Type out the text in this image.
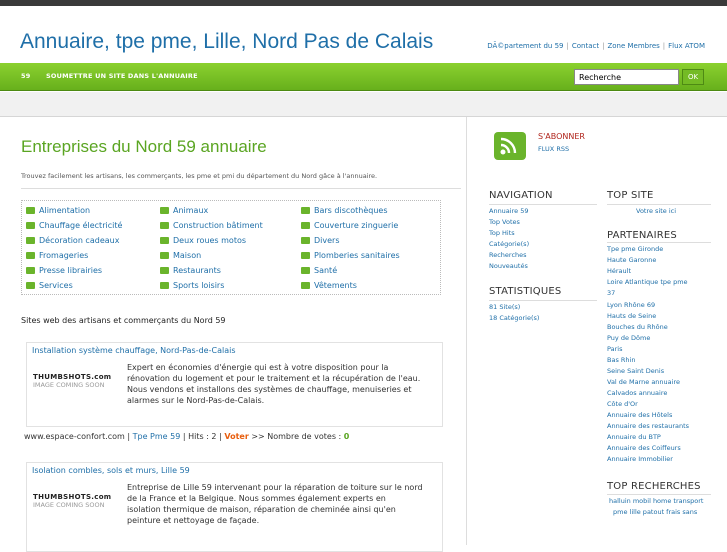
Annuaire, tpe pme, Lille, Nord Pas de Calais	DÃ©partement du 59 | Contact | Zone Membres | Flux ATOM
59 SOUMETTRE UN SITE DANS L'ANNUAIRE
Recherche	OK
Entreprises du Nord 59 annuaire
Trouvez facilement les artisans, les commerçants, les pme et pmi du département du Nord gâce à l'annuaire.
Alimentation	Animaux	Bars discothèques
Chauffage électricité	Construction bâtiment	Couverture zinguerie
Décoration cadeaux	Deux roues motos	Divers
Fromageries	Maison	Plomberies sanitaires
Presse librairies	Restaurants	Santé
Services	Sports loisirs	Vêtements
Sites web des artisans et commerçants du Nord 59
Installation système chauffage, Nord-Pas-de-Calais
THUMBSHOTS.com
IMAGE COMING SOON
Expert en économies d'énergie qui est à votre disposition pour la
rénovation du logement et pour le traitement et la récupération de l'eau.
Nous vendons et installons des systèmes de chauffage, menuiseries et
alarmes sur le Nord-Pas-de-Calais.
www.espace-confort.com | Tpe Pme 59 | Hits : 2 | Voter >> Nombre de votes : 0
Isolation combles, sols et murs, Lille 59
THUMBSHOTS.com
IMAGE COMING SOON
Entreprise de Lille 59 intervenant pour la réparation de toiture sur le nord
de la France et la Belgique. Nous sommes également experts en
isolation thermique de maison, réparation de cheminée ainsi qu'en
peinture et nettoyage de façade.
S'ABONNER
FLUX RSS
NAVIGATION
Annuaire 59
Top Votes
Top Hits
Catégorie(s)
Recherches
Nouveautés
STATISTIQUES
81 Site(s)
18 Catégorie(s)
TOP SITE
Votre site ici
PARTENAIRES
Tpe pme Gironde
Haute Garonne
Hérault
Loire Atlantique tpe pme
37
Lyon Rhône 69
Hauts de Seine
Bouches du Rhône
Puy de Dôme
Paris
Bas Rhin
Seine Saint Denis
Val de Marne annuaire
Calvados annuaire
Côte d'Or
Annuaire des Hôtels
Annuaire des restaurants
Annuaire du BTP
Annuaire des Coiffeurs
Annuaire Immobilier
TOP RECHERCHES
halluin mobil home transport
pme lille patout frais sans
